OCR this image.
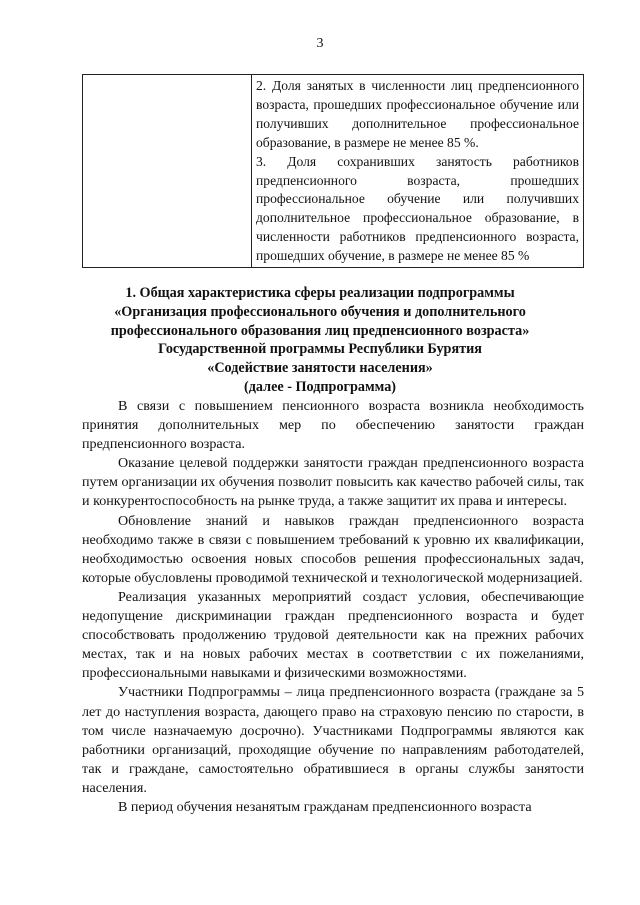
3

2. Доля занятых в численности лиц предпенсионного возраста, прошедших профессиональное обучение или получивших дополнительное профессиональное образование, в размере не менее 85 %.

3. Доля сохранивших занятость работников предпенсионного возраста, прошедших профессиональное обучение или получивших дополнительное профессиональное образование, в численности работников предпенсионного возраста, прошедших обучение, в размере не менее 85 %

1. Общая характеристика сферы реализации подпрограммы
«Организация профессионального обучения и дополнительного
профессионального образования лиц предпенсионного возраста»
Государственной программы Республики Бурятия
«Содействие занятости населения»
(далее - Подпрограмма)

В связи с повышением пенсионного возраста возникла необходимость принятия дополнительных мер по обеспечению занятости граждан предпенсионного возраста.

Оказание целевой поддержки занятости граждан предпенсионного возраста путем организации их обучения позволит повысить как качество рабочей силы, так и конкурентоспособность на рынке труда, а также защитит их права и интересы.

Обновление знаний и навыков граждан предпенсионного возраста необходимо также в связи с повышением требований к уровню их квалификации, необходимостью освоения новых способов решения профессиональных задач, которые обусловлены проводимой технической и технологической модернизацией.

Реализация указанных мероприятий создаст условия, обеспечивающие недопущение дискриминации граждан предпенсионного возраста и будет способствовать продолжению трудовой деятельности как на прежних рабочих местах, так и на новых рабочих местах в соответствии с их пожеланиями, профессиональными навыками и физическими возможностями.

Участники Подпрограммы – лица предпенсионного возраста (граждане за 5 лет до наступления возраста, дающего право на страховую пенсию по старости, в том числе назначаемую досрочно). Участниками Подпрограммы являются как работники организаций, проходящие обучение по направлениям работодателей, так и граждане, самостоятельно обратившиеся в органы службы занятости населения.

В период обучения незанятым гражданам предпенсионного возраста
